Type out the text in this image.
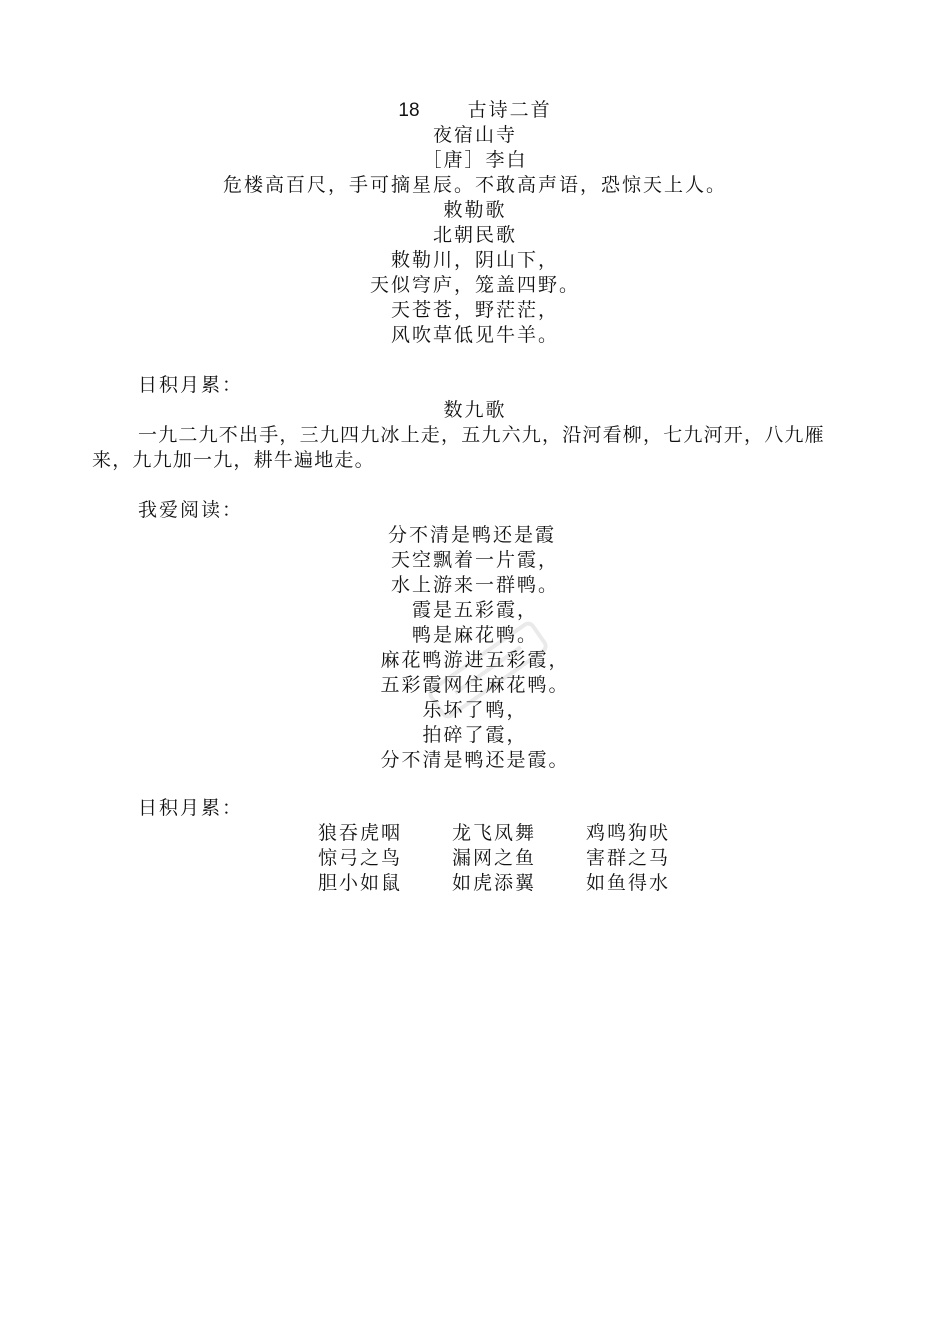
18	古诗二首
夜宿山寺
［唐］李白
危楼高百尺，手可摘星辰。不敢高声语，恐惊天上人。
敕勒歌
北朝民歌
敕勒川，阴山下，
天似穹庐，笼盖四野。
天苍苍，野茫茫，
风吹草低见牛羊。
日积月累：
数九歌
一九二九不出手，三九四九冰上走，五九六九，沿河看柳，七九河开，八九雁来，九九加一九，耕牛遍地走。
我爱阅读：
分不清是鸭还是霞
天空飘着一片霞，
水上游来一群鸭。
霞是五彩霞，
鸭是麻花鸭。
麻花鸭游进五彩霞，
五彩霞网住麻花鸭。
乐坏了鸭，
拍碎了霞，
分不清是鸭还是霞。
日积月累：
狼吞虎咽	龙飞凤舞	鸡鸣狗吠
惊弓之鸟	漏网之鱼	害群之马
胆小如鼠	如虎添翼	如鱼得水
